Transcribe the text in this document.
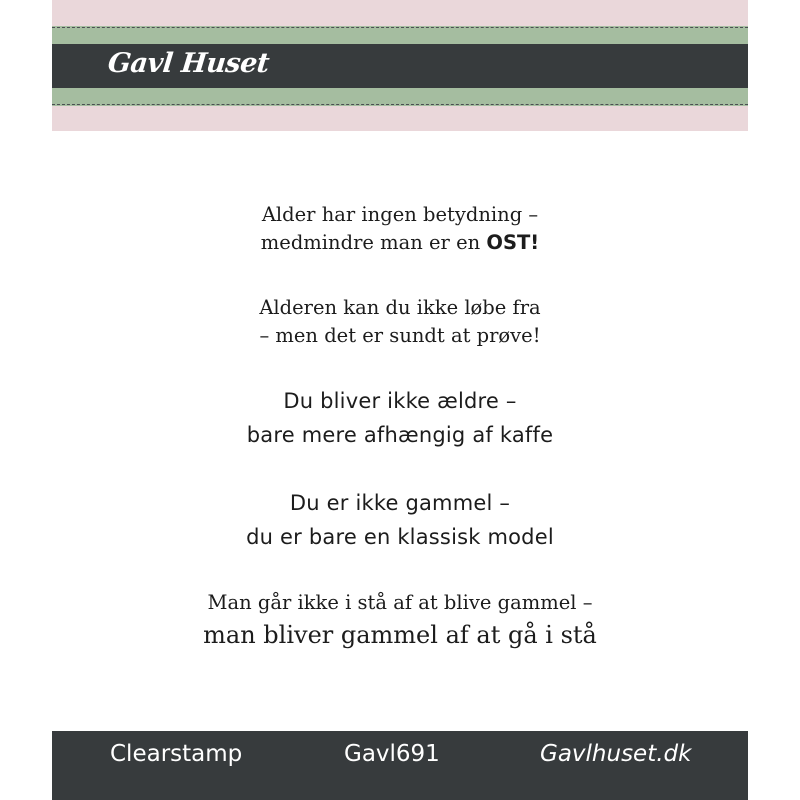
Gavl Huset
Alder har ingen betydning –
medmindre man er en OST!
Alderen kan du ikke løbe fra
– men det er sundt at prøve!
Du bliver ikke ældre –
bare mere afhængig af kaffe
Du er ikke gammel –
du er bare en klassisk model
Man går ikke i stå af at blive gammel –
man bliver gammel af at gå i stå
Clearstamp	Gavl691	Gavlhuset.dk
